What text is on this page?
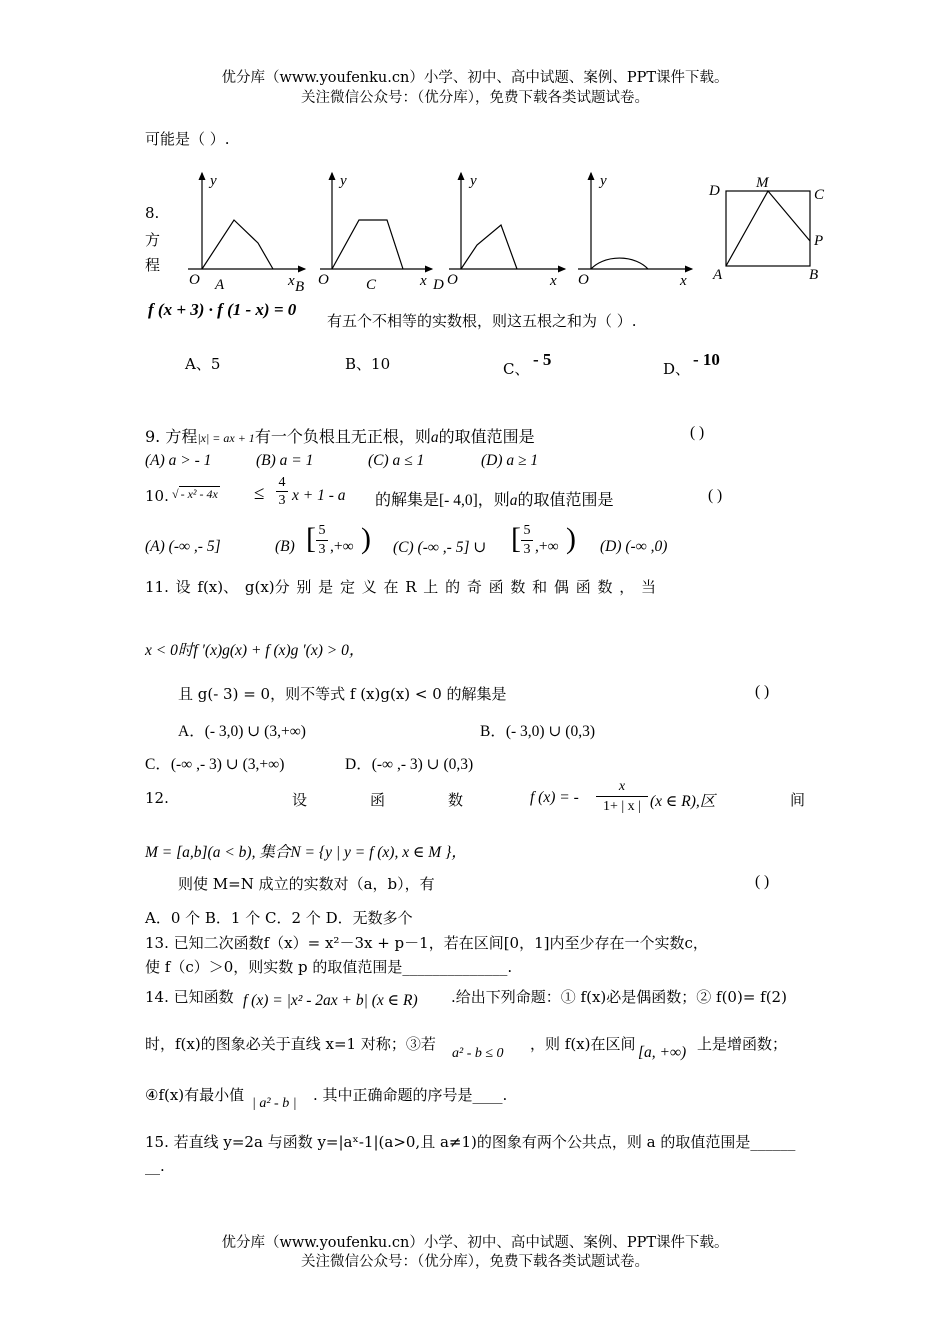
优分库（www.youfenku.cn）小学、初中、高中试题、案例、PPT课件下载。
关注微信公众号：（优分库），免费下载各类试题试卷。
可能是（ ）.
y
O A	x B
y
O C	x
y
D O	x
y
O	x
D M
C
P
A	B
8.
方
程
f (x + 3) · f (1 - x) = 0
有五个不相等的实数根，则这五根之和为（ ）.
A、5	B、10	C、 - 5	D、 - 10
9. 方程|x| = ax + 1有一个负根且无正根，则a的取值范围是	( )
(A) a > - 1	(B) a = 1	(C) a ≤ 1	(D) a ≥ 1
10. √ - $x^2 - 4x \le \frac{4}{3}$ x + 1 - a 的解集是[- 4,0]，则a的取值范围是	( )
(A) (-∞ ,- 5]	(B) [ $\frac{5}{3}$ ,+∞ ) (C) (-∞ ,- 5] ∪ [ $\frac{5}{3}$ ,+∞ ) (D) (-∞ ,0)
11. 设 f(x)、 g(x)分 别 是 定 义 在 R 上 的 奇 函 数 和 偶 函 数 ， 当
x < 0时f ′(x)g(x) + f (x)g ′(x) > 0，
且 g(- 3) = 0，则不等式 f (x)g(x) < 0 的解集是	( )
A．(- 3,0) ∪ (3,+∞)	B．(- 3,0) ∪ (0,3)
C．(-∞ ,- 3) ∪ (3,+∞)	D．(-∞ ,- 3) ∪ (0,3)
12.	设	函	数	f (x) = - $\frac{x}{1+ | x |} (x$ ∈ R),区	间
M = [a,b](a < b), 集合N = {y | y = f (x), x ∈ M }，
则使 M=N 成立的实数对（a，b），有	( )
A．0 个 B．1 个 C．2 个 D．无数多个
13. 已知二次函数f（x）= x²－3x + p－1，若在区间[0，1]内至少存在一个实数c，
使 f（c）＞0，则实数 p 的取值范围是______________.
14. 已知函数 f (x) = |x² - 2ax + b| (x ∈ R) .给出下列命题：① f(x)必是偶函数；② f(0)= f(2)
时，f(x)的图象必关于直线 x=1 对称；③若
a² - b ≤ 0
，则 f(x)在区间 [a, +∞) 上是增函数；
④f(x)有最小值 | a² - b | . 其中正确命题的序号是____.
15. 若直线 y=2a 与函数 y=|aˣ-1|(a>0,且 a≠1)的图象有两个公共点，则 a 的取值范围是______
__.
优分库（www.youfenku.cn）小学、初中、高中试题、案例、PPT课件下载。
关注微信公众号：（优分库），免费下载各类试题试卷。
